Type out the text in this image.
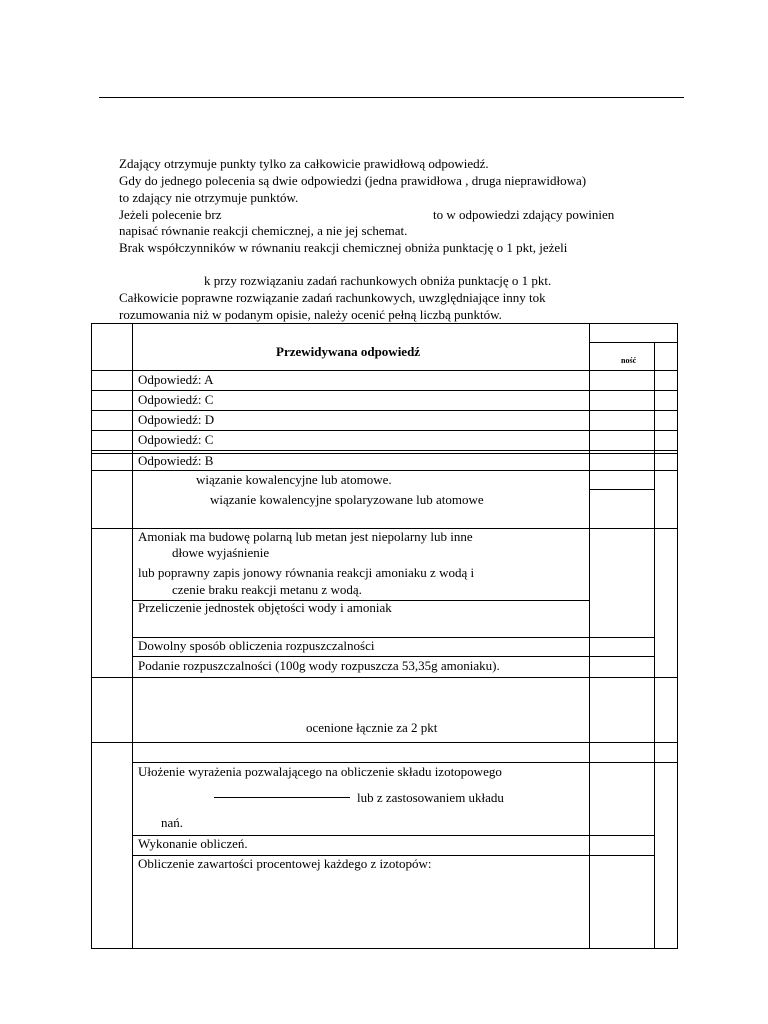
Zdający otrzymuje punkty tylko za całkowicie prawidłową odpowiedź.
Gdy do jednego polecenia są dwie odpowiedzi (jedna prawidłowa , druga nieprawidłowa)
to zdający nie otrzymuje punktów.
Jeżeli polecenie brz	to w odpowiedzi zdający powinien
napisać równanie reakcji chemicznej, a nie jej schemat.
Brak współczynników w równaniu reakcji chemicznej obniża punktację o 1 pkt, jeżeli
k przy rozwiązaniu zadań rachunkowych obniża punktację o 1 pkt.
Całkowicie poprawne rozwiązanie zadań rachunkowych, uwzględniające inny tok
rozumowania niż w podanym opisie, należy ocenić pełną liczbą punktów.
Przewidywana odpowiedź
ność
Odpowiedź: A
Odpowiedź: C
Odpowiedź: D
Odpowiedź: C
Odpowiedź: B
wiązanie kowalencyjne lub atomowe.
wiązanie kowalencyjne spolaryzowane lub atomowe
Amoniak ma budowę polarną lub metan jest niepolarny lub inne
dłowe wyjaśnienie
lub poprawny zapis jonowy równania reakcji amoniaku z wodą i
czenie braku reakcji metanu z wodą.
Przeliczenie jednostek objętości wody i amoniak
Dowolny sposób obliczenia rozpuszczalności
Podanie rozpuszczalności (100g wody rozpuszcza 53,35g amoniaku).
ocenione łącznie za 2 pkt
Ułożenie wyrażenia pozwalającego na obliczenie składu izotopowego
lub z zastosowaniem układu
nań.
Wykonanie obliczeń.
Obliczenie zawartości procentowej każdego z izotopów:
